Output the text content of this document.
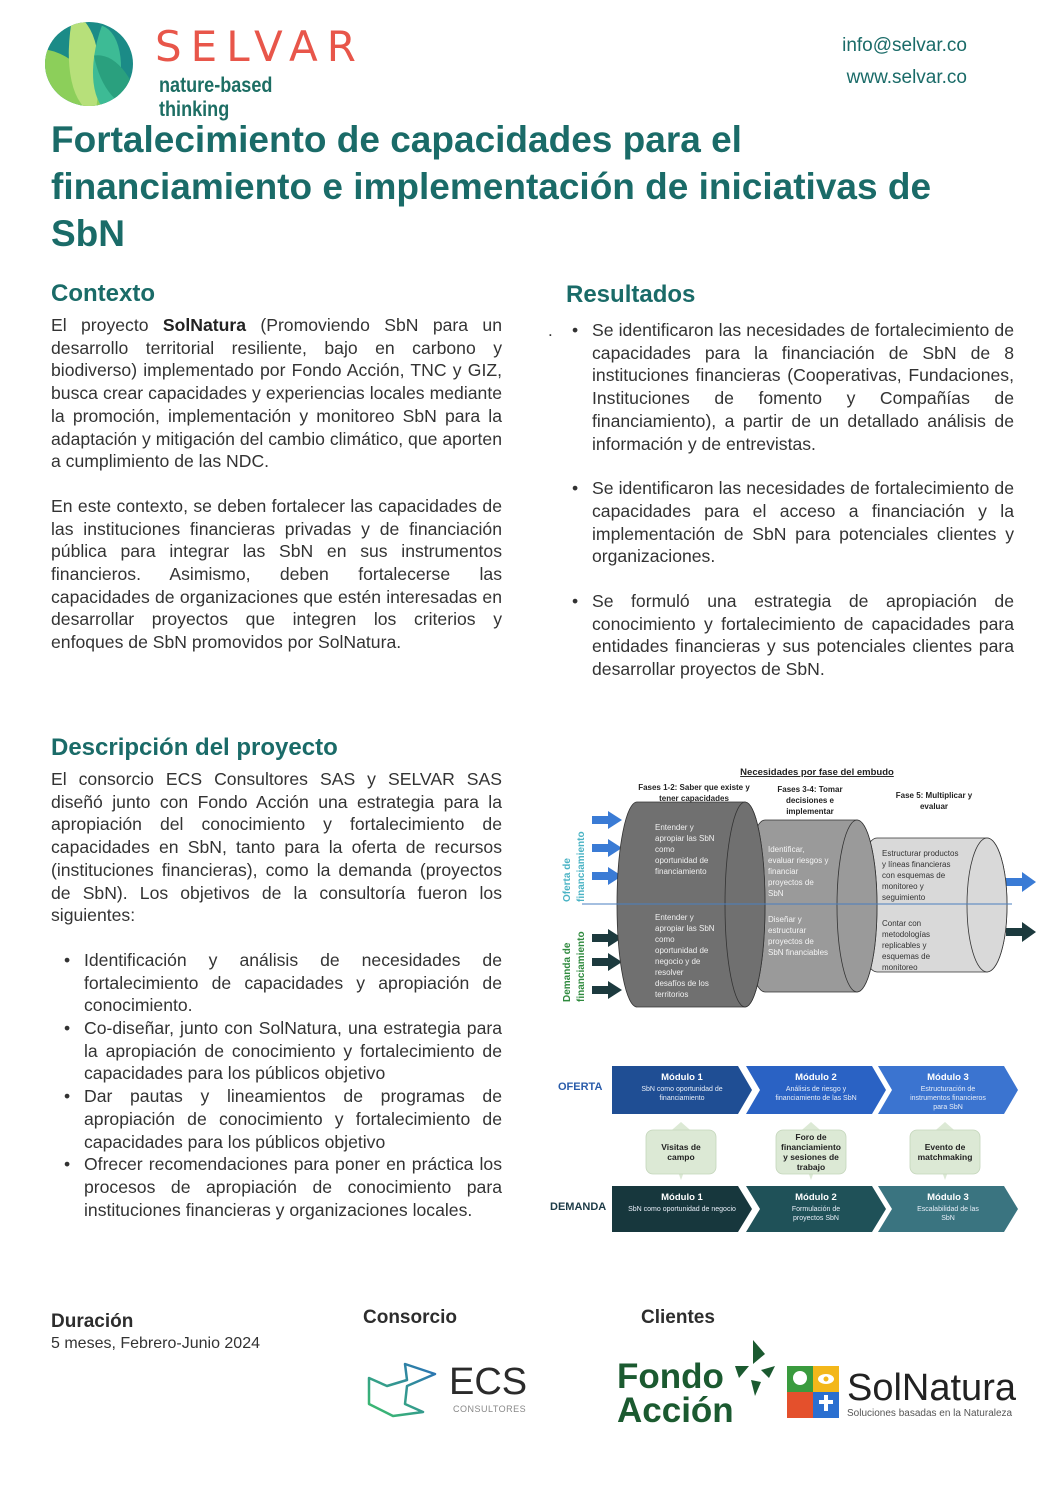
SELVAR
nature-based thinking
info@selvar.co
www.selvar.co
Fortalecimiento de capacidades para el financiamiento e implementación de iniciativas de SbN
Contexto

El proyecto SolNatura (Promoviendo SbN para un desarrollo territorial resiliente, bajo en carbono y biodiverso) implementado por Fondo Acción, TNC y GIZ, busca crear capacidades y experiencias locales mediante la promoción, implementación y monitoreo SbN para la adaptación y mitigación del cambio climático, que aporten a cumplimiento de las NDC.

En este contexto, se deben fortalecer las capacidades de las instituciones financieras privadas y de financiación pública para integrar las SbN en sus instrumentos financieros. Asimismo, deben fortalecerse las capacidades de organizaciones que estén interesadas en desarrollar proyectos que integren los criterios y enfoques de SbN promovidos por SolNatura.

Descripción del proyecto

El consorcio ECS Consultores SAS y SELVAR SAS diseñó junto con Fondo Acción una estrategia para la apropiación del conocimiento y fortalecimiento de capacidades en SbN, tanto para la oferta de recursos (instituciones financieras), como la demanda (proyectos de SbN). Los objetivos de la consultoría fueron los siguientes:

• Identificación y análisis de necesidades de fortalecimiento de capacidades y apropiación de conocimiento.
• Co-diseñar, junto con SolNatura, una estrategia para la apropiación de conocimiento y fortalecimiento de capacidades para los públicos objetivo
• Dar pautas y lineamientos de programas de apropiación de conocimiento y fortalecimiento de capacidades para los públicos objetivo
• Ofrecer recomendaciones para poner en práctica los procesos de apropiación de conocimiento para instituciones financieras y organizaciones locales.
Resultados
. • Se identificaron las necesidades de fortalecimiento de capacidades para la financiación de SbN de 8 instituciones financieras (Cooperativas, Fundaciones, Instituciones de fomento y Compañías de financiamiento), a partir de un detallado análisis de información y de entrevistas.
• Se identificaron las necesidades de fortalecimiento de capacidades para el acceso a financiación y la implementación de SbN para potenciales clientes y organizaciones.
• Se formuló una estrategia de apropiación de conocimiento y fortalecimiento de capacidades para entidades financieras y sus potenciales clientes para desarrollar proyectos de SbN.
Necesidades por fase del embudo
Oferta de financiamiento
Demanda de financiamiento
Fases 1-2: Saber que existe y
tener capacidades
Entender y
apropiar las SbN
como
oportunidad de
financiamiento
Entender y
apropiar las SbN
como
oportunidad de
negocio y de
resolver
desafíos de los
territorios
Fases 3-4: Tomar
decisiones e
implementar
Identificar,
evaluar riesgos y
financiar
proyectos de
SbN
Diseñar y
estructurar
proyectos de
SbN financiables
Fase 5: Multiplicar y
evaluar
Estructurar productos
y líneas financieras
con esquemas de
monitoreo y
seguimiento
Contar con
metodologías
replicables y
esquemas de
monitoreo
OFERTA
DEMANDA
Módulo 3
Estructuración de
instrumentos financieros
para SbN
Módulo 2
Análisis de riesgo y
financiamiento de las SbN
Módulo 1
SbN como oportunidad de
financiamiento
Módulo 3
Escalabilidad de las
SbN
Módulo 2
Formulación de
proyectos SbN
Módulo 1
SbN como oportunidad de negocio
Visitas de
campo
Foro de
financiamiento
y sesiones de
trabajo
Evento de
matchmaking
Duración
5 meses, Febrero-Junio 2024
Consorcio	Clientes
ECS
CONSULTORES
Fondo
Acción
SolNatura
Soluciones basadas en la Naturaleza
